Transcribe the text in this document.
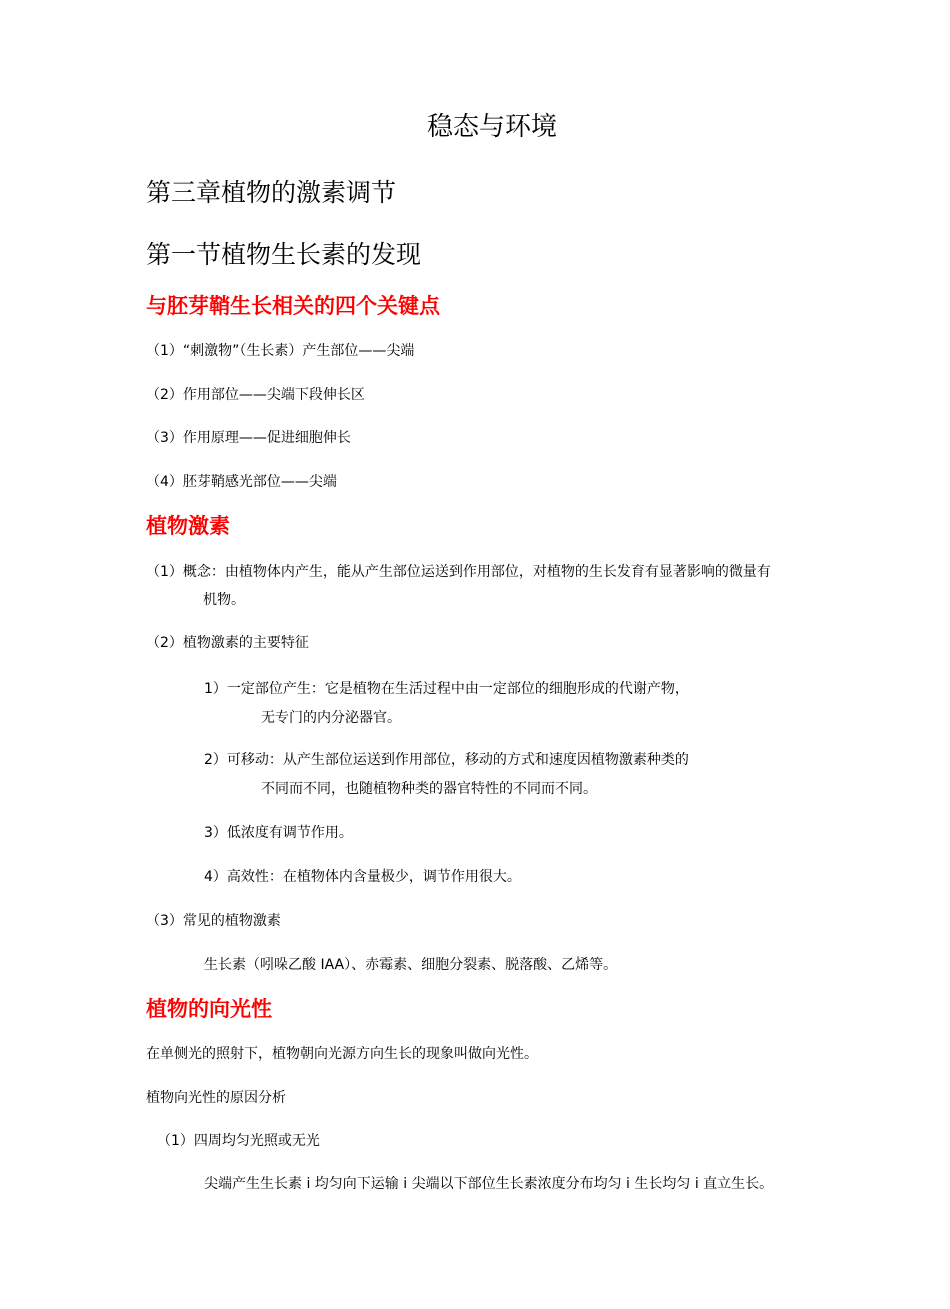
稳态与环境
第三章植物的激素调节
第一节植物生长素的发现
与胚芽鞘生长相关的四个关键点
（1）“刺激物”（生长素）产生部位——尖端
（2）作用部位——尖端下段伸长区
（3）作用原理——促进细胞伸长
（4）胚芽鞘感光部位——尖端
植物激素
（1）概念：由植物体内产生，能从产生部位运送到作用部位，对植物的生长发育有显著影响的微量有
机物。
（2）植物激素的主要特征
1）一定部位产生：它是植物在生活过程中由一定部位的细胞形成的代谢产物，
无专门的内分泌器官。
2）可移动：从产生部位运送到作用部位，移动的方式和速度因植物激素种类的
不同而不同，也随植物种类的器官特性的不同而不同。
3）低浓度有调节作用。
4）高效性：在植物体内含量极少，调节作用很大。
（3）常见的植物激素
生长素（吲哚乙酸 IAA）、赤霉素、细胞分裂素、脱落酸、乙烯等。
植物的向光性
在单侧光的照射下，植物朝向光源方向生长的现象叫做向光性。
植物向光性的原因分析
（1）四周均匀光照或无光
尖端产生生长素 i 均匀向下运输 i 尖端以下部位生长素浓度分布均匀 i 生长均匀 i 直立生长。
